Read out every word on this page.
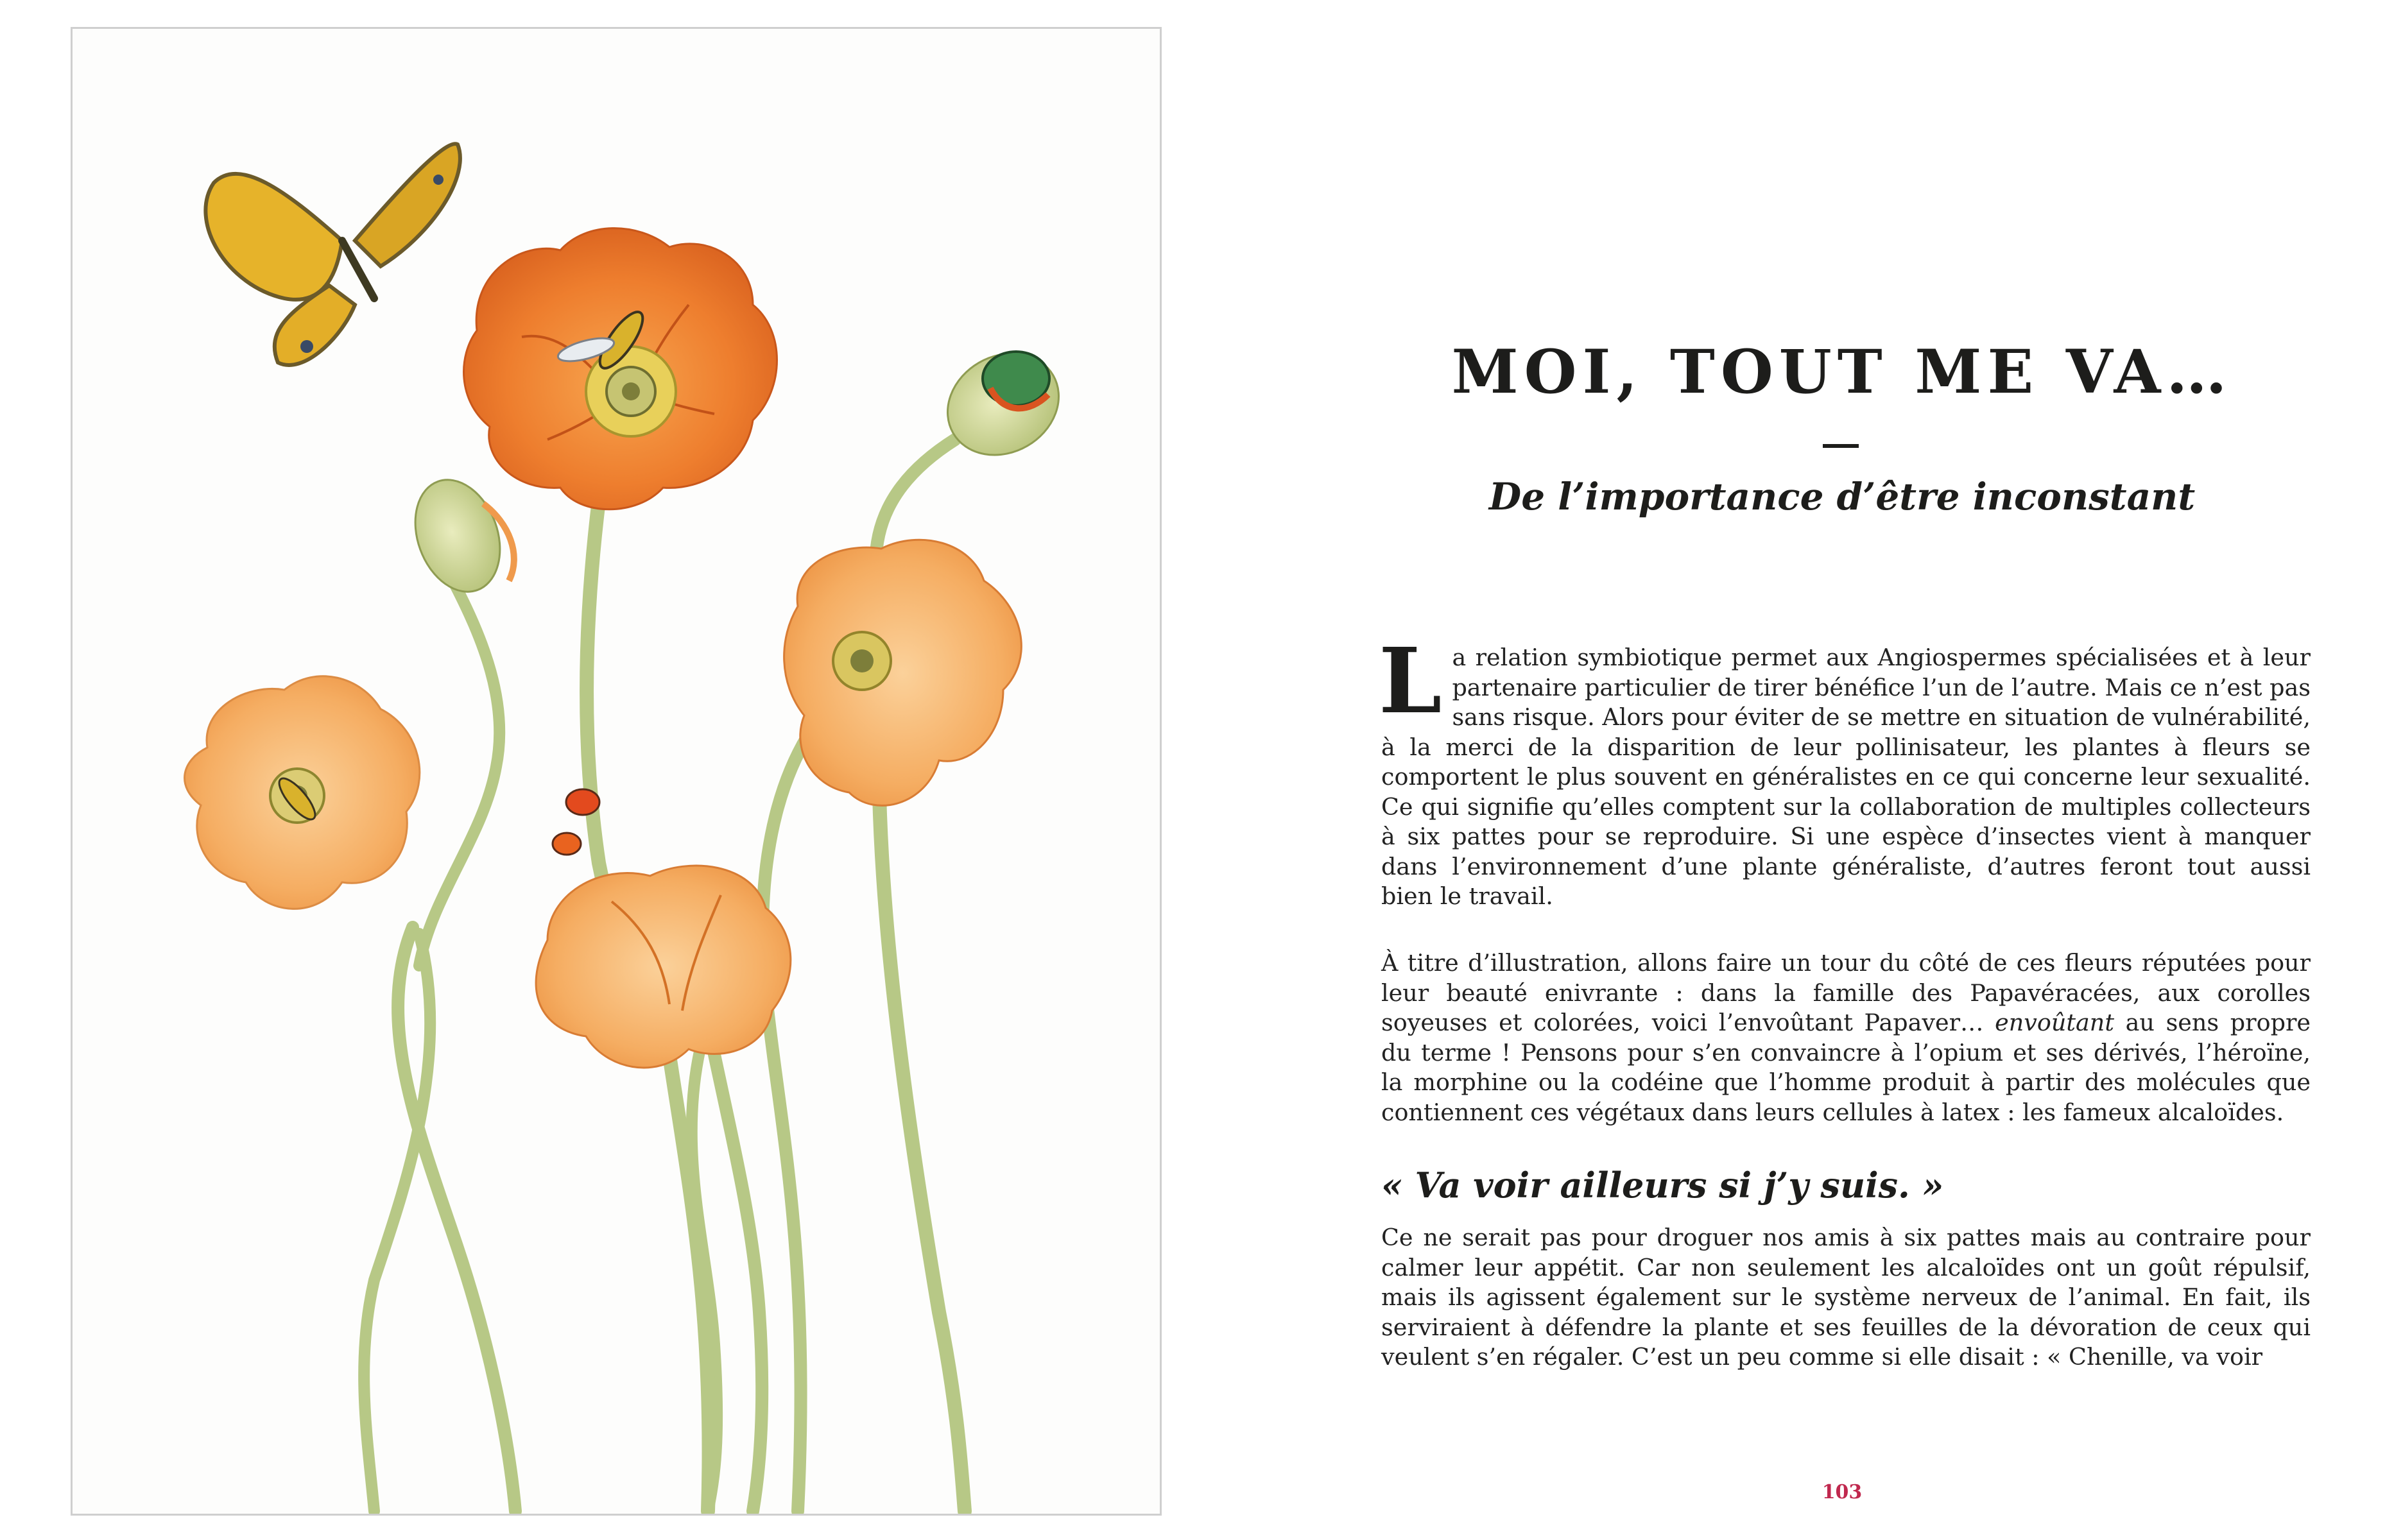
MOI, TOUT ME VA…
De l’importance d’être inconstant

La relation symbiotique permet aux Angiospermes spécialisées et à leur partenaire particulier de tirer bénéfice l’un de l’autre. Mais ce n’est pas sans risque. Alors pour éviter de se mettre en situation de vulnérabilité, à la merci de la disparition de leur pollinisateur, les plantes à fleurs se comportent le plus souvent en généralistes en ce qui concerne leur sexualité. Ce qui signifie qu’elles comptent sur la collaboration de multiples collecteurs à six pattes pour se reproduire. Si une espèce d’insectes vient à manquer dans l’environnement d’une plante généraliste, d’autres feront tout aussi bien le travail.

À titre d’illustration, allons faire un tour du côté de ces fleurs réputées pour leur beauté enivrante : dans la famille des Papavéracées, aux corolles soyeuses et colorées, voici l’envoûtant Papaver… envoûtant au sens propre du terme ! Pensons pour s’en convaincre à l’opium et ses dérivés, l’héroïne, la morphine ou la codéine que l’homme produit à partir des molécules que contiennent ces végétaux dans leurs cellules à latex : les fameux alcaloïdes.

« Va voir ailleurs si j’y suis. »

Ce ne serait pas pour droguer nos amis à six pattes mais au contraire pour calmer leur appétit. Car non seulement les alcaloïdes ont un goût répulsif, mais ils agissent également sur le système nerveux de l’animal. En fait, ils serviraient à défendre la plante et ses feuilles de la dévoration de ceux qui veulent s’en régaler. C’est un peu comme si elle disait : « Chenille, va voir

103
